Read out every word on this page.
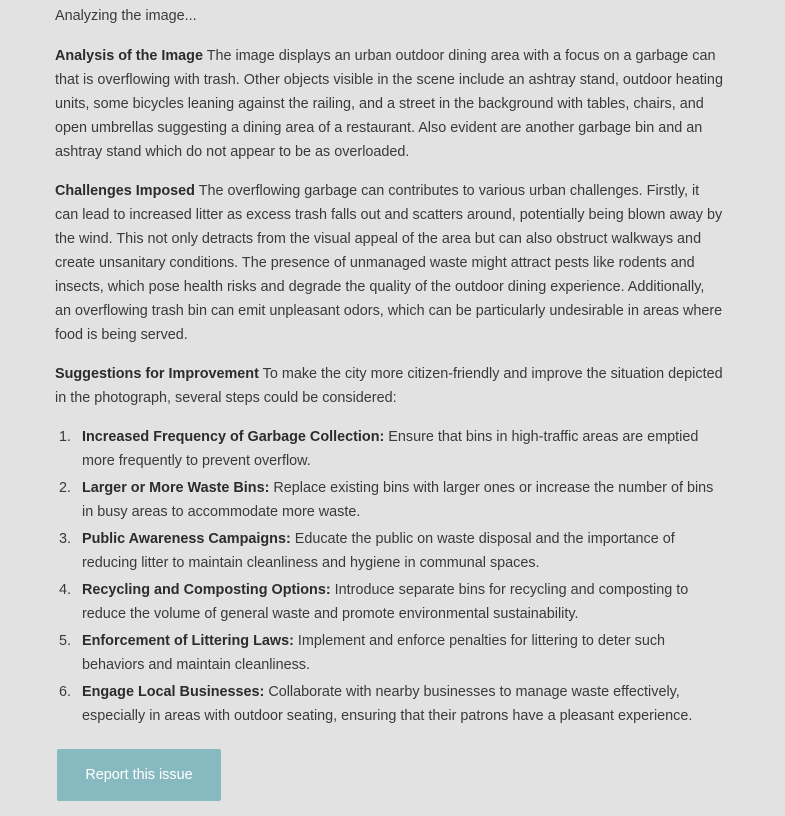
Analyzing the image...

Analysis of the Image The image displays an urban outdoor dining area with a focus on a garbage can that is overflowing with trash. Other objects visible in the scene include an ashtray stand, outdoor heating units, some bicycles leaning against the railing, and a street in the background with tables, chairs, and open umbrellas suggesting a dining area of a restaurant. Also evident are another garbage bin and an ashtray stand which do not appear to be as overloaded.

Challenges Imposed The overflowing garbage can contributes to various urban challenges. Firstly, it can lead to increased litter as excess trash falls out and scatters around, potentially being blown away by the wind. This not only detracts from the visual appeal of the area but can also obstruct walkways and create unsanitary conditions. The presence of unmanaged waste might attract pests like rodents and insects, which pose health risks and degrade the quality of the outdoor dining experience. Additionally, an overflowing trash bin can emit unpleasant odors, which can be particularly undesirable in areas where food is being served.

Suggestions for Improvement To make the city more citizen-friendly and improve the situation depicted in the photograph, several steps could be considered:

1. Increased Frequency of Garbage Collection: Ensure that bins in high-traffic areas are emptied more frequently to prevent overflow.
2. Larger or More Waste Bins: Replace existing bins with larger ones or increase the number of bins in busy areas to accommodate more waste.
3. Public Awareness Campaigns: Educate the public on waste disposal and the importance of reducing litter to maintain cleanliness and hygiene in communal spaces.
4. Recycling and Composting Options: Introduce separate bins for recycling and composting to reduce the volume of general waste and promote environmental sustainability.
5. Enforcement of Littering Laws: Implement and enforce penalties for littering to deter such behaviors and maintain cleanliness.
6. Engage Local Businesses: Collaborate with nearby businesses to manage waste effectively, especially in areas with outdoor seating, ensuring that their patrons have a pleasant experience.
Report this issue
